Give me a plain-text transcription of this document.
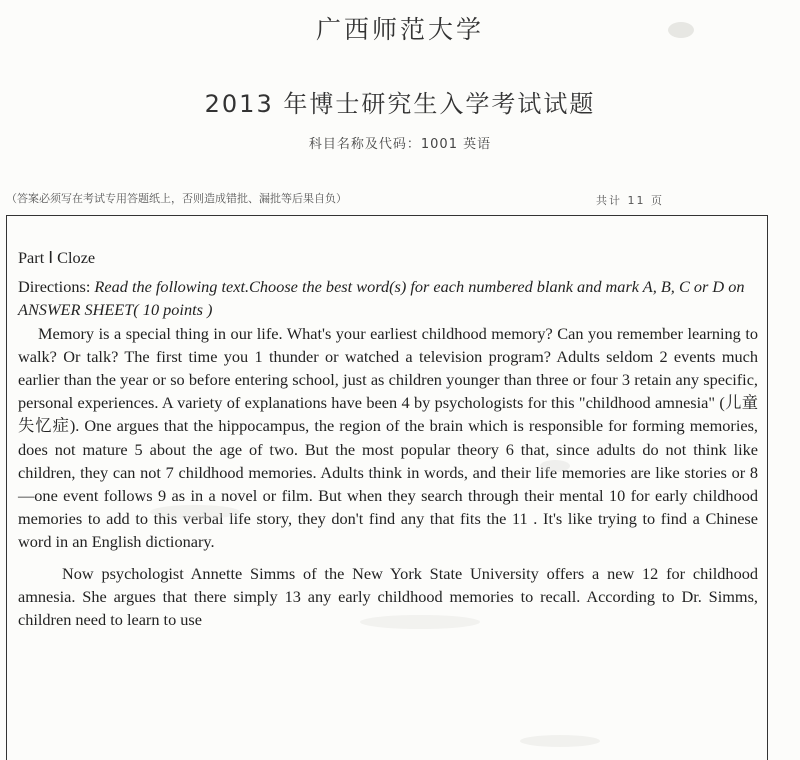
广西师范大学
2013 年博士研究生入学考试试题
科目名称及代码：1001 英语
（答案必须写在考试专用答题纸上，否则造成错批、漏批等后果自负）	共计 11 页

Part Ⅰ Cloze

Directions: Read the following text.Choose the best word(s) for each numbered blank and mark A, B, C or D on ANSWER SHEET( 10 points )

Memory is a special thing in our life. What's your earliest childhood memory? Can you remember learning to walk? Or talk? The first time you 1 thunder or watched a television program? Adults seldom 2 events much earlier than the year or so before entering school, just as children younger than three or four 3 retain any specific, personal experiences. A variety of explanations have been 4 by psychologists for this "childhood amnesia" (儿童失忆症). One argues that the hippocampus, the region of the brain which is responsible for forming memories, does not mature 5 about the age of two. But the most popular theory 6 that, since adults do not think like children, they can not 7 childhood memories. Adults think in words, and their life memories are like stories or 8 —one event follows 9 as in a novel or film. But when they search through their mental 10 for early childhood memories to add to this verbal life story, they don't find any that fits the 11 . It's like trying to find a Chinese word in an English dictionary.

Now psychologist Annette Simms of the New York State University offers a new 12 for childhood amnesia. She argues that there simply 13 any early childhood memories to recall. According to Dr. Simms, children need to learn to use
